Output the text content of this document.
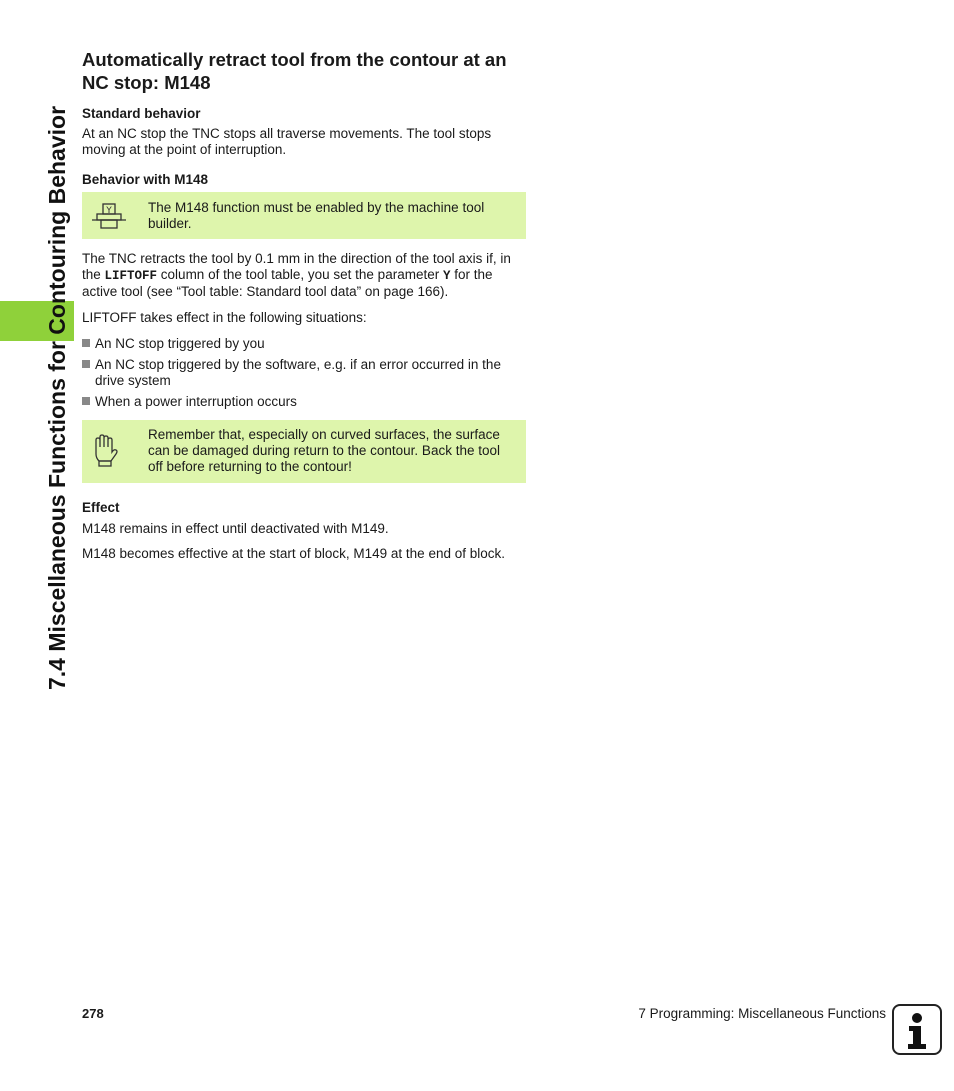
7.4 Miscellaneous Functions for Contouring Behavior
Automatically retract tool from the contour at an NC stop: M148
Standard behavior

At an NC stop the TNC stops all traverse movements. The tool stops moving at the point of interruption.

Behavior with M148
Y	The M148 function must be enabled by the machine tool builder.

The TNC retracts the tool by 0.1 mm in the direction of the tool axis if, in the LIFTOFF column of the tool table, you set the parameter Y for the active tool (see “Tool table: Standard tool data” on page 166).

LIFTOFF takes effect in the following situations:

An NC stop triggered by you
An NC stop triggered by the software, e.g. if an error occurred in the drive system
When a power interruption occurs
Remember that, especially on curved surfaces, the surface can be damaged during return to the contour. Back the tool off before returning to the contour!
Effect

M148 remains in effect until deactivated with M149.

M148 becomes effective at the start of block, M149 at the end of block.

278	7 Programming: Miscellaneous Functions
